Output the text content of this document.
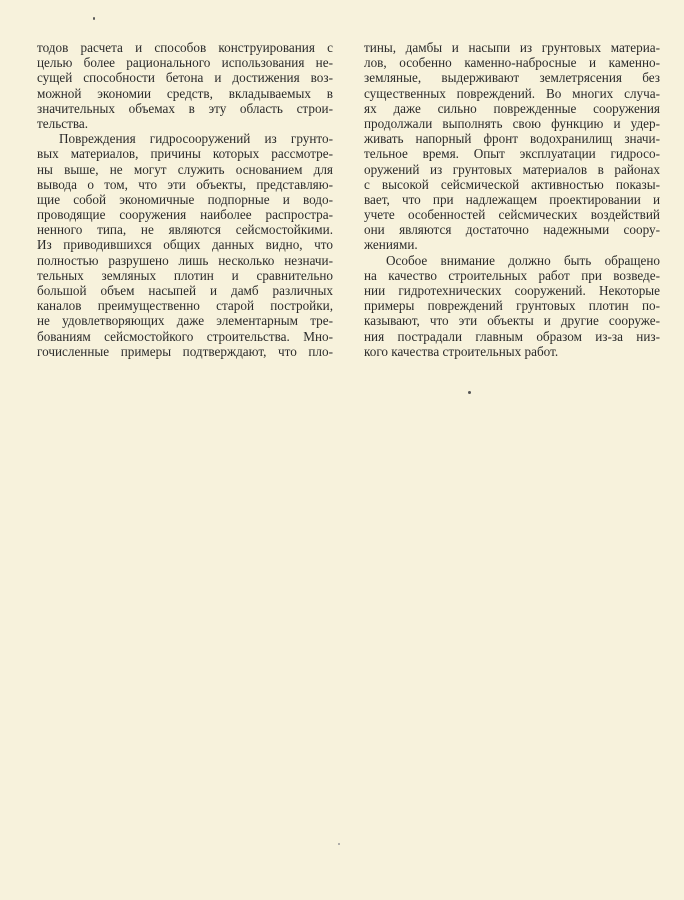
тодов расчета и способов конструирования с
целью более рационального использования не-
сущей способности бетона и достижения воз-
можной экономии средств, вкладываемых в
значительных объемах в эту область строи-
тельства.
Повреждения гидросооружений из грунто-
вых материалов, причины которых рассмотре-
ны выше, не могут служить основанием для
вывода о том, что эти объекты, представляю-
щие собой экономичные подпорные и водо-
проводящие сооружения наиболее распростра-
ненного типа, не являются сейсмостойкими.
Из приводившихся общих данных видно, что
полностью разрушено лишь несколько незначи-
тельных земляных плотин и сравнительно
большой объем насыпей и дамб различных
каналов преимущественно старой постройки,
не удовлетворяющих даже элементарным тре-
бованиям сейсмостойкого строительства. Мно-
гочисленные примеры подтверждают, что пло-
тины, дамбы и насыпи из грунтовых материа-
лов, особенно каменно-набросные и каменно-
земляные, выдерживают землетрясения без
существенных повреждений. Во многих случа-
ях даже сильно поврежденные сооружения
продолжали выполнять свою функцию и удер-
живать напорный фронт водохранилищ значи-
тельное время. Опыт эксплуатации гидросо-
оружений из грунтовых материалов в районах
с высокой сейсмической активностью показы-
вает, что при надлежащем проектировании и
учете особенностей сейсмических воздействий
они являются достаточно надежными соору-
жениями.
Особое внимание должно быть обращено
на качество строительных работ при возведе-
нии гидротехнических сооружений. Некоторые
примеры повреждений грунтовых плотин по-
казывают, что эти объекты и другие сооруже-
ния пострадали главным образом из-за низ-
кого качества строительных работ.
